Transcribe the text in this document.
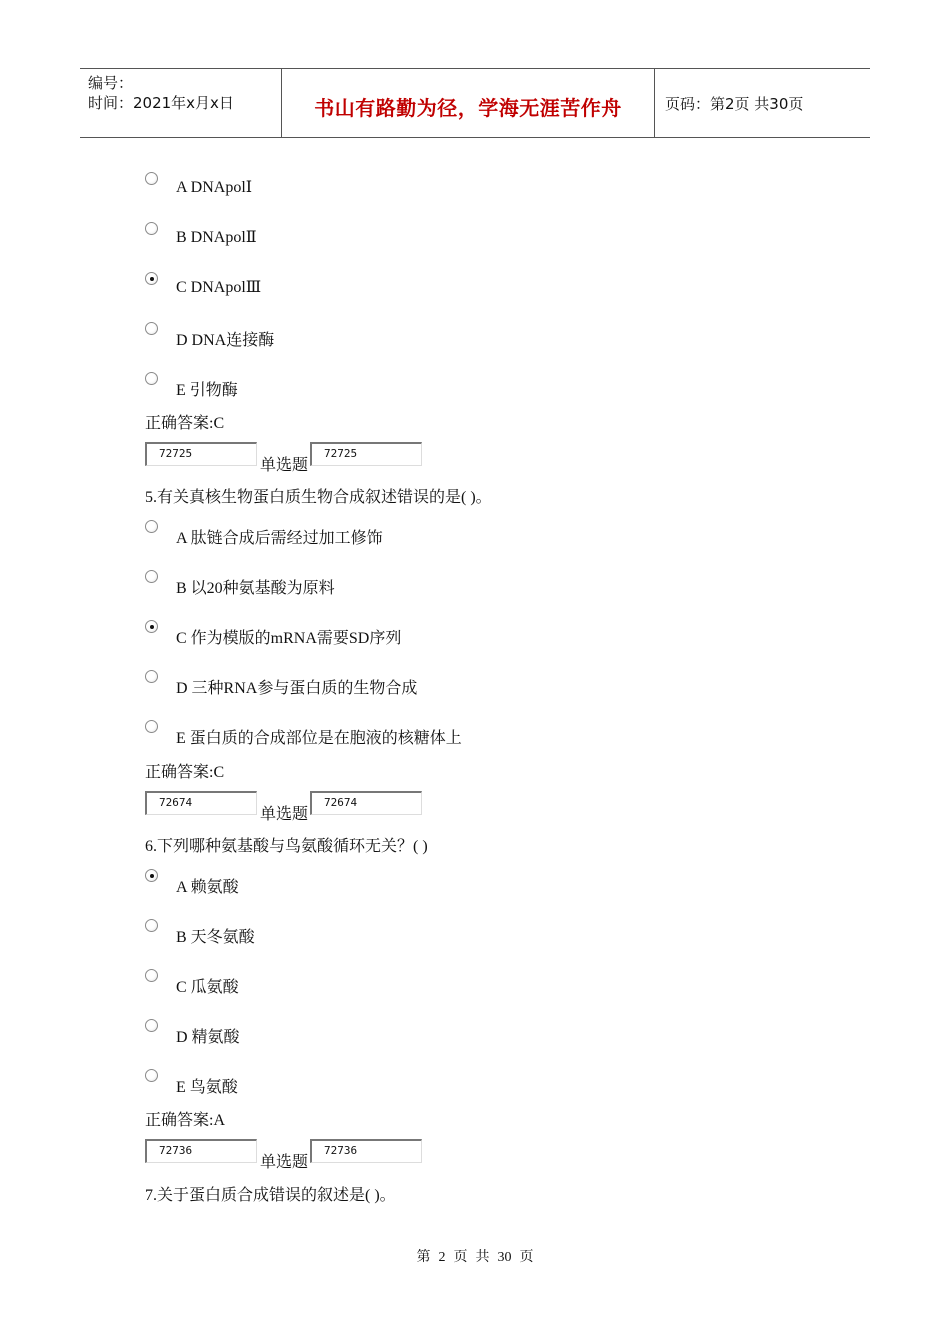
编号：
时间：2021年x月x日	书山有路勤为径，学海无涯苦作舟	页码：第2页 共30页
A DNApolⅠ
B DNApolⅡ
C DNApolⅢ
D DNA连接酶
E 引物酶
正确答案:C
72725
单选题
72725
5.有关真核生物蛋白质生物合成叙述错误的是( )。
A 肽链合成后需经过加工修饰
B 以20种氨基酸为原料
C 作为模版的mRNA需要SD序列
D 三种RNA参与蛋白质的生物合成
E 蛋白质的合成部位是在胞液的核糖体上
正确答案:C
72674
单选题
72674
6.下列哪种氨基酸与鸟氨酸循环无关？( )
A 赖氨酸
B 天冬氨酸
C 瓜氨酸
D 精氨酸
E 鸟氨酸
正确答案:A
72736
单选题
72736
7.关于蛋白质合成错误的叙述是( )。
第 2 页 共 30 页
